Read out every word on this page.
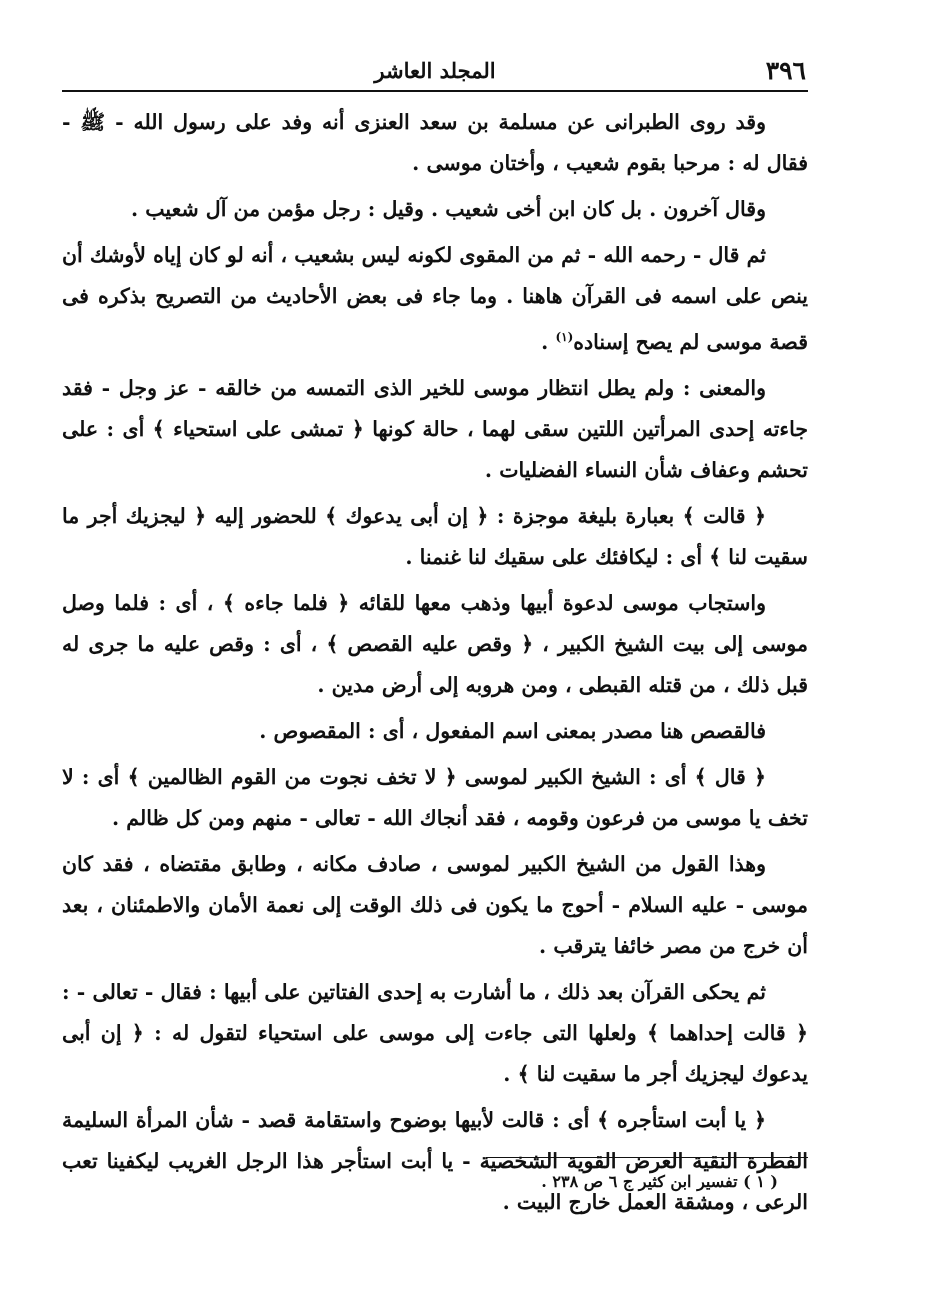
٣٩٦
المجلد العاشر

وقد روى الطبرانى عن مسلمة بن سعد العنزى أنه وفد على رسول الله - ﷺ - فقال له : مرحبا بقوم شعيب ، وأختان موسى .

وقال آخرون . بل كان ابن أخى شعيب . وقيل : رجل مؤمن من آل شعيب .

ثم قال - رحمه الله - ثم من المقوى لكونه ليس بشعيب ، أنه لو كان إياه لأوشك أن ينص على اسمه فى القرآن هاهنا . وما جاء فى بعض الأحاديث من التصريح بذكره فى قصة موسى لم يصح إسناده$^{(١)}$ .

والمعنى : ولم يطل انتظار موسى للخير الذى التمسه من خالقه - عز وجل - فقد جاءته إحدى المرأتين اللتين سقى لهما ، حالة كونها ﴿ تمشى على استحياء ﴾ أى : على تحشم وعفاف شأن النساء الفضليات .

﴿ قالت ﴾ بعبارة بليغة موجزة : ﴿ إن أبى يدعوك ﴾ للحضور إليه ﴿ ليجزيك أجر ما سقيت لنا ﴾ أى : ليكافئك على سقيك لنا غنمنا .

واستجاب موسى لدعوة أبيها وذهب معها للقائه ﴿ فلما جاءه ﴾ ، أى : فلما وصل موسى إلى بيت الشيخ الكبير ، ﴿ وقص عليه القصص ﴾ ، أى : وقص عليه ما جرى له قبل ذلك ، من قتله القبطى ، ومن هروبه إلى أرض مدين .

فالقصص هنا مصدر بمعنى اسم المفعول ، أى : المقصوص .

﴿ قال ﴾ أى : الشيخ الكبير لموسى ﴿ لا تخف نجوت من القوم الظالمين ﴾ أى : لا تخف يا موسى من فرعون وقومه ، فقد أنجاك الله - تعالى - منهم ومن كل ظالم .

وهذا القول من الشيخ الكبير لموسى ، صادف مكانه ، وطابق مقتضاه ، فقد كان موسى - عليه السلام - أحوج ما يكون فى ذلك الوقت إلى نعمة الأمان والاطمئنان ، بعد أن خرج من مصر خائفا يترقب .

ثم يحكى القرآن بعد ذلك ، ما أشارت به إحدى الفتاتين على أبيها : فقال - تعالى - : ﴿ قالت إحداهما ﴾ ولعلها التى جاءت إلى موسى على استحياء لتقول له : ﴿ إن أبى يدعوك ليجزيك أجر ما سقيت لنا ﴾ .

﴿ يا أبت استأجره ﴾ أى : قالت لأبيها بوضوح واستقامة قصد - شأن المرأة السليمة الفطرة النقية العرض القوية الشخصية - يا أبت استأجر هذا الرجل الغريب ليكفينا تعب الرعى ، ومشقة العمل خارج البيت .

( ١ ) تفسير ابن كثير ج ٦ ص ٢٣٨ .
